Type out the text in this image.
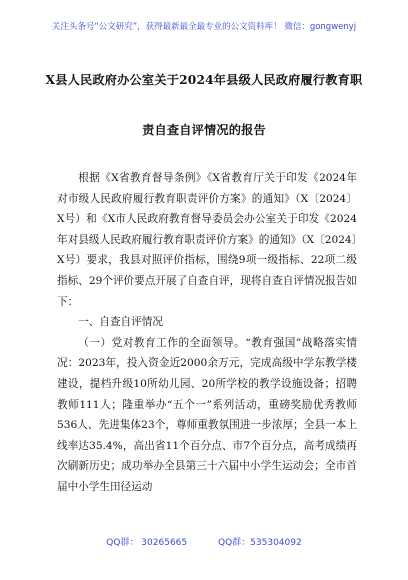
关注头条号“公文研究”，获得最新最全最专业的公文资料库！ 微信：gongwenyj
X县人民政府办公室关于2024年县级人民政府履行教育职
责自查自评情况的报告

根据《X省教育督导条例》《X省教育厅关于印发《2024年对市级人民政府履行教育职责评价方案》的通知》（X〔2024〕X号）和《X市人民政府教育督导委员会办公室关于印发《2024年对县级人民政府履行教育职责评价方案》的通知》（X〔2024〕X号）要求，我县对照评价指标，围绕9项一级指标、22项二级指标、29个评价要点开展了自查自评，现将自查自评情况报告如下：

一、自查自评情况

（一）党对教育工作的全面领导。“教育强国”战略落实情况：2023年，投入资金近2000余万元，完成高级中学东教学楼建设，提档升级10所幼儿园、20所学校的教学设施设备；招聘教师111人；隆重举办“五个一”系列活动，重磅奖励优秀教师536人、先进集体23个，尊师重教氛围进一步浓厚；全县一本上线率达35.4%，高出省11个百分点、市7个百分点，高考成绩再次刷新历史；成功举办全县第三十六届中小学生运动会；全市首届中小学生田径运动

QQ群： 30265665	QQ群：535304092
